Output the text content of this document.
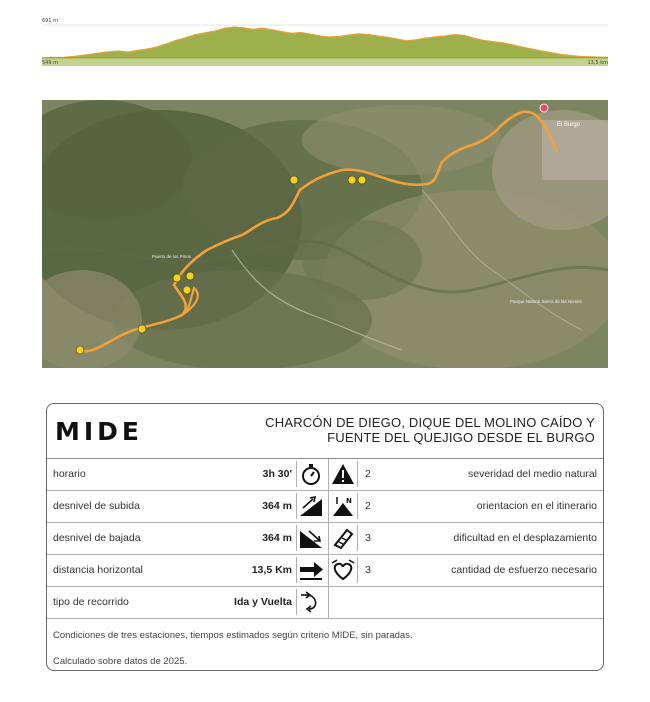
691 m
549 m	13,5 km
El Burgo
Parque Natural Sierra de las Nieves
Puerto de los Pinos
MIDE	CHARCÓN DE DIEGO, DIQUE DEL MOLINO CAÍDO Y
FUENTE DEL QUEJIGO DESDE EL BURGO
horario	3h 30'	2	severidad del medio natural
desnivel de subida	364 m	N 2	orientacion en el itinerario
desnivel de bajada	364 m	3	dificultad en el desplazamiento
distancia horizontal	13,5 Km	3	cantidad de esfuerzo necesario
tipo de recorrido	Ida y Vuelta

Condiciones de tres estaciones, tiempos estimados según criterio MIDE, sin paradas.

Calculado sobre datos de 2025.
